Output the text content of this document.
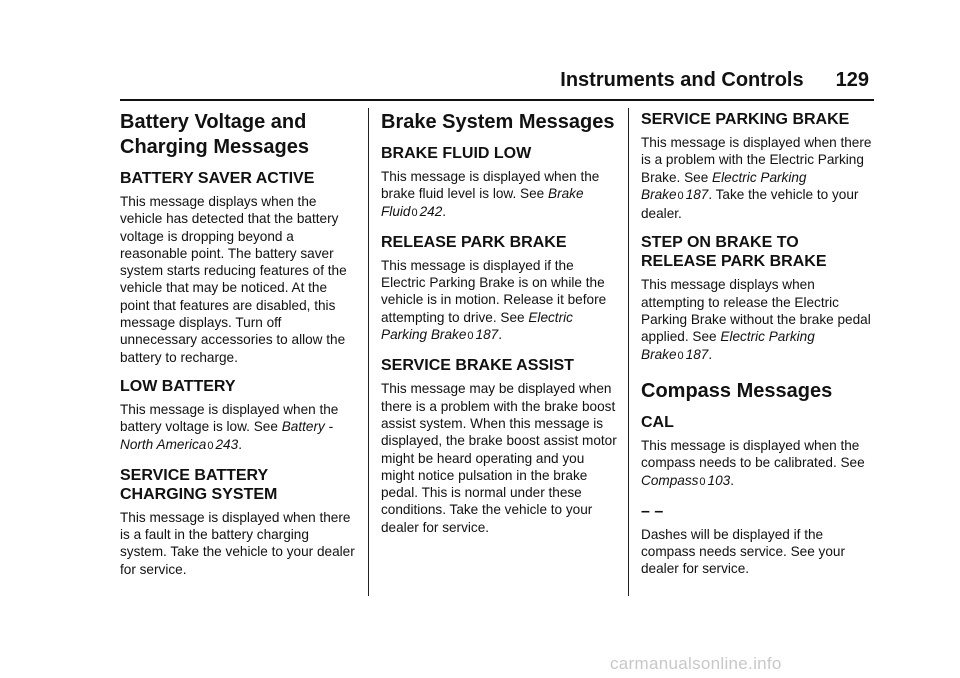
Instruments and Controls 129
Battery Voltage and
Charging Messages
BATTERY SAVER ACTIVE

This message displays when the vehicle has detected that the battery voltage is dropping beyond a reasonable point. The battery saver system starts reducing features of the vehicle that may be noticed. At the point that features are disabled, this message displays. Turn off unnecessary accessories to allow the battery to recharge.

LOW BATTERY

This message is displayed when the battery voltage is low. See Battery - North America0 243.

SERVICE BATTERY
CHARGING SYSTEM

This message is displayed when there is a fault in the battery charging system. Take the vehicle to your dealer for service.

Brake System Messages
BRAKE FLUID LOW

This message is displayed when the brake fluid level is low. See Brake Fluid0 242.

RELEASE PARK BRAKE

This message is displayed if the Electric Parking Brake is on while the vehicle is in motion. Release it before attempting to drive. See Electric Parking Brake0 187.

SERVICE BRAKE ASSIST

This message may be displayed when there is a problem with the brake boost assist system. When this message is displayed, the brake boost assist motor might be heard operating and you might notice pulsation in the brake pedal. This is normal under these conditions. Take the vehicle to your dealer for service.

SERVICE PARKING BRAKE

This message is displayed when there is a problem with the Electric Parking Brake. See Electric Parking Brake0 187. Take the vehicle to your dealer.

STEP ON BRAKE TO
RELEASE PARK BRAKE

This message displays when attempting to release the Electric Parking Brake without the brake pedal applied. See Electric Parking Brake0 187.

Compass Messages
CAL

This message is displayed when the compass needs to be calibrated. See Compass0 103.

– –

Dashes will be displayed if the compass needs service. See your dealer for service.

carmanualsonline.info
